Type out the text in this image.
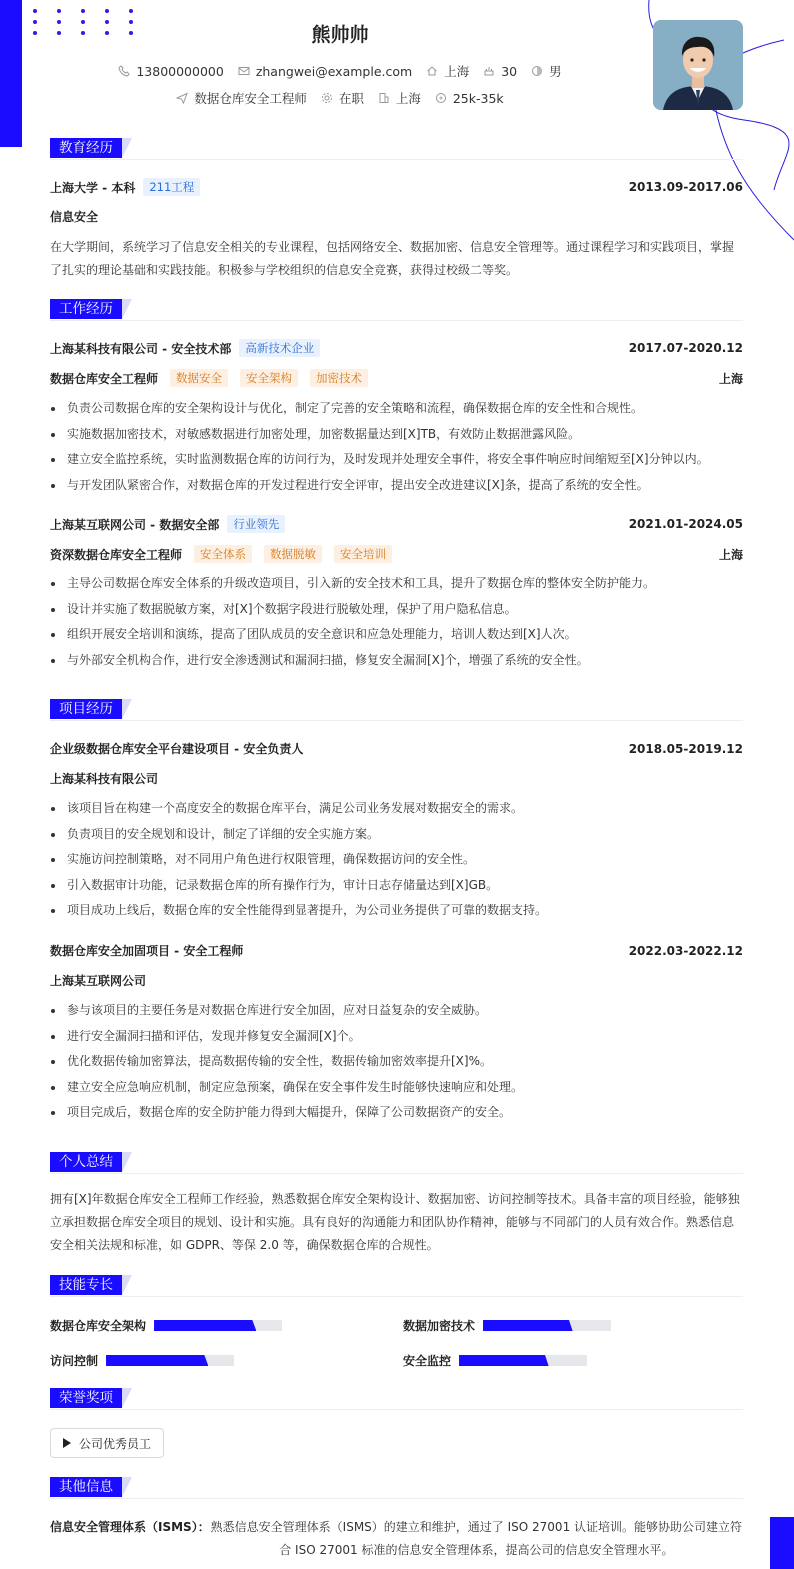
熊帅帅
13800000000	zhangwei@example.com	上海	30	男
数据仓库安全工程师	在职	上海	25k-35k
教育经历
上海大学 - 本科	211工程	2013.09-2017.06
信息安全
在大学期间，系统学习了信息安全相关的专业课程，包括网络安全、数据加密、信息安全管理等。通过课程学习和实践项目，掌握了扎实的理论基础和实践技能。积极参与学校组织的信息安全竞赛，获得过校级二等奖。
工作经历
上海某科技有限公司 - 安全技术部	高新技术企业	2017.07-2020.12
数据仓库安全工程师	数据安全	安全架构	加密技术	上海
负责公司数据仓库的安全架构设计与优化，制定了完善的安全策略和流程，确保数据仓库的安全性和合规性。
实施数据加密技术，对敏感数据进行加密处理，加密数据量达到[X]TB，有效防止数据泄露风险。
建立安全监控系统，实时监测数据仓库的访问行为，及时发现并处理安全事件，将安全事件响应时间缩短至[X]分钟以内。
与开发团队紧密合作，对数据仓库的开发过程进行安全评审，提出安全改进建议[X]条，提高了系统的安全性。
上海某互联网公司 - 数据安全部	行业领先	2021.01-2024.05
资深数据仓库安全工程师	安全体系	数据脱敏	安全培训	上海
主导公司数据仓库安全体系的升级改造项目，引入新的安全技术和工具，提升了数据仓库的整体安全防护能力。
设计并实施了数据脱敏方案，对[X]个数据字段进行脱敏处理，保护了用户隐私信息。
组织开展安全培训和演练，提高了团队成员的安全意识和应急处理能力，培训人数达到[X]人次。
与外部安全机构合作，进行安全渗透测试和漏洞扫描，修复安全漏洞[X]个，增强了系统的安全性。
项目经历
企业级数据仓库安全平台建设项目 - 安全负责人	2018.05-2019.12
上海某科技有限公司
该项目旨在构建一个高度安全的数据仓库平台，满足公司业务发展对数据安全的需求。
负责项目的安全规划和设计，制定了详细的安全实施方案。
实施访问控制策略，对不同用户角色进行权限管理，确保数据访问的安全性。
引入数据审计功能，记录数据仓库的所有操作行为，审计日志存储量达到[X]GB。
项目成功上线后，数据仓库的安全性能得到显著提升，为公司业务提供了可靠的数据支持。
数据仓库安全加固项目 - 安全工程师	2022.03-2022.12
上海某互联网公司
参与该项目的主要任务是对数据仓库进行安全加固，应对日益复杂的安全威胁。
进行安全漏洞扫描和评估，发现并修复安全漏洞[X]个。
优化数据传输加密算法，提高数据传输的安全性，数据传输加密效率提升[X]%。
建立安全应急响应机制，制定应急预案，确保在安全事件发生时能够快速响应和处理。
项目完成后，数据仓库的安全防护能力得到大幅提升，保障了公司数据资产的安全。
个人总结
拥有[X]年数据仓库安全工程师工作经验，熟悉数据仓库安全架构设计、数据加密、访问控制等技术。具备丰富的项目经验，能够独立承担数据仓库安全项目的规划、设计和实施。具有良好的沟通能力和团队协作精神，能够与不同部门的人员有效合作。熟悉信息安全相关法规和标准，如 GDPR、等保 2.0 等，确保数据仓库的合规性。
技能专长
数据仓库安全架构	数据加密技术
访问控制	安全监控
荣誉奖项
公司优秀员工
其他信息
信息安全管理体系（ISMS）： 熟悉信息安全管理体系（ISMS）的建立和维护，通过了 ISO 27001 认证培训。能够协助公司建立符合 ISO 27001 标准的信息安全管理体系，提高公司的信息安全管理水平。
